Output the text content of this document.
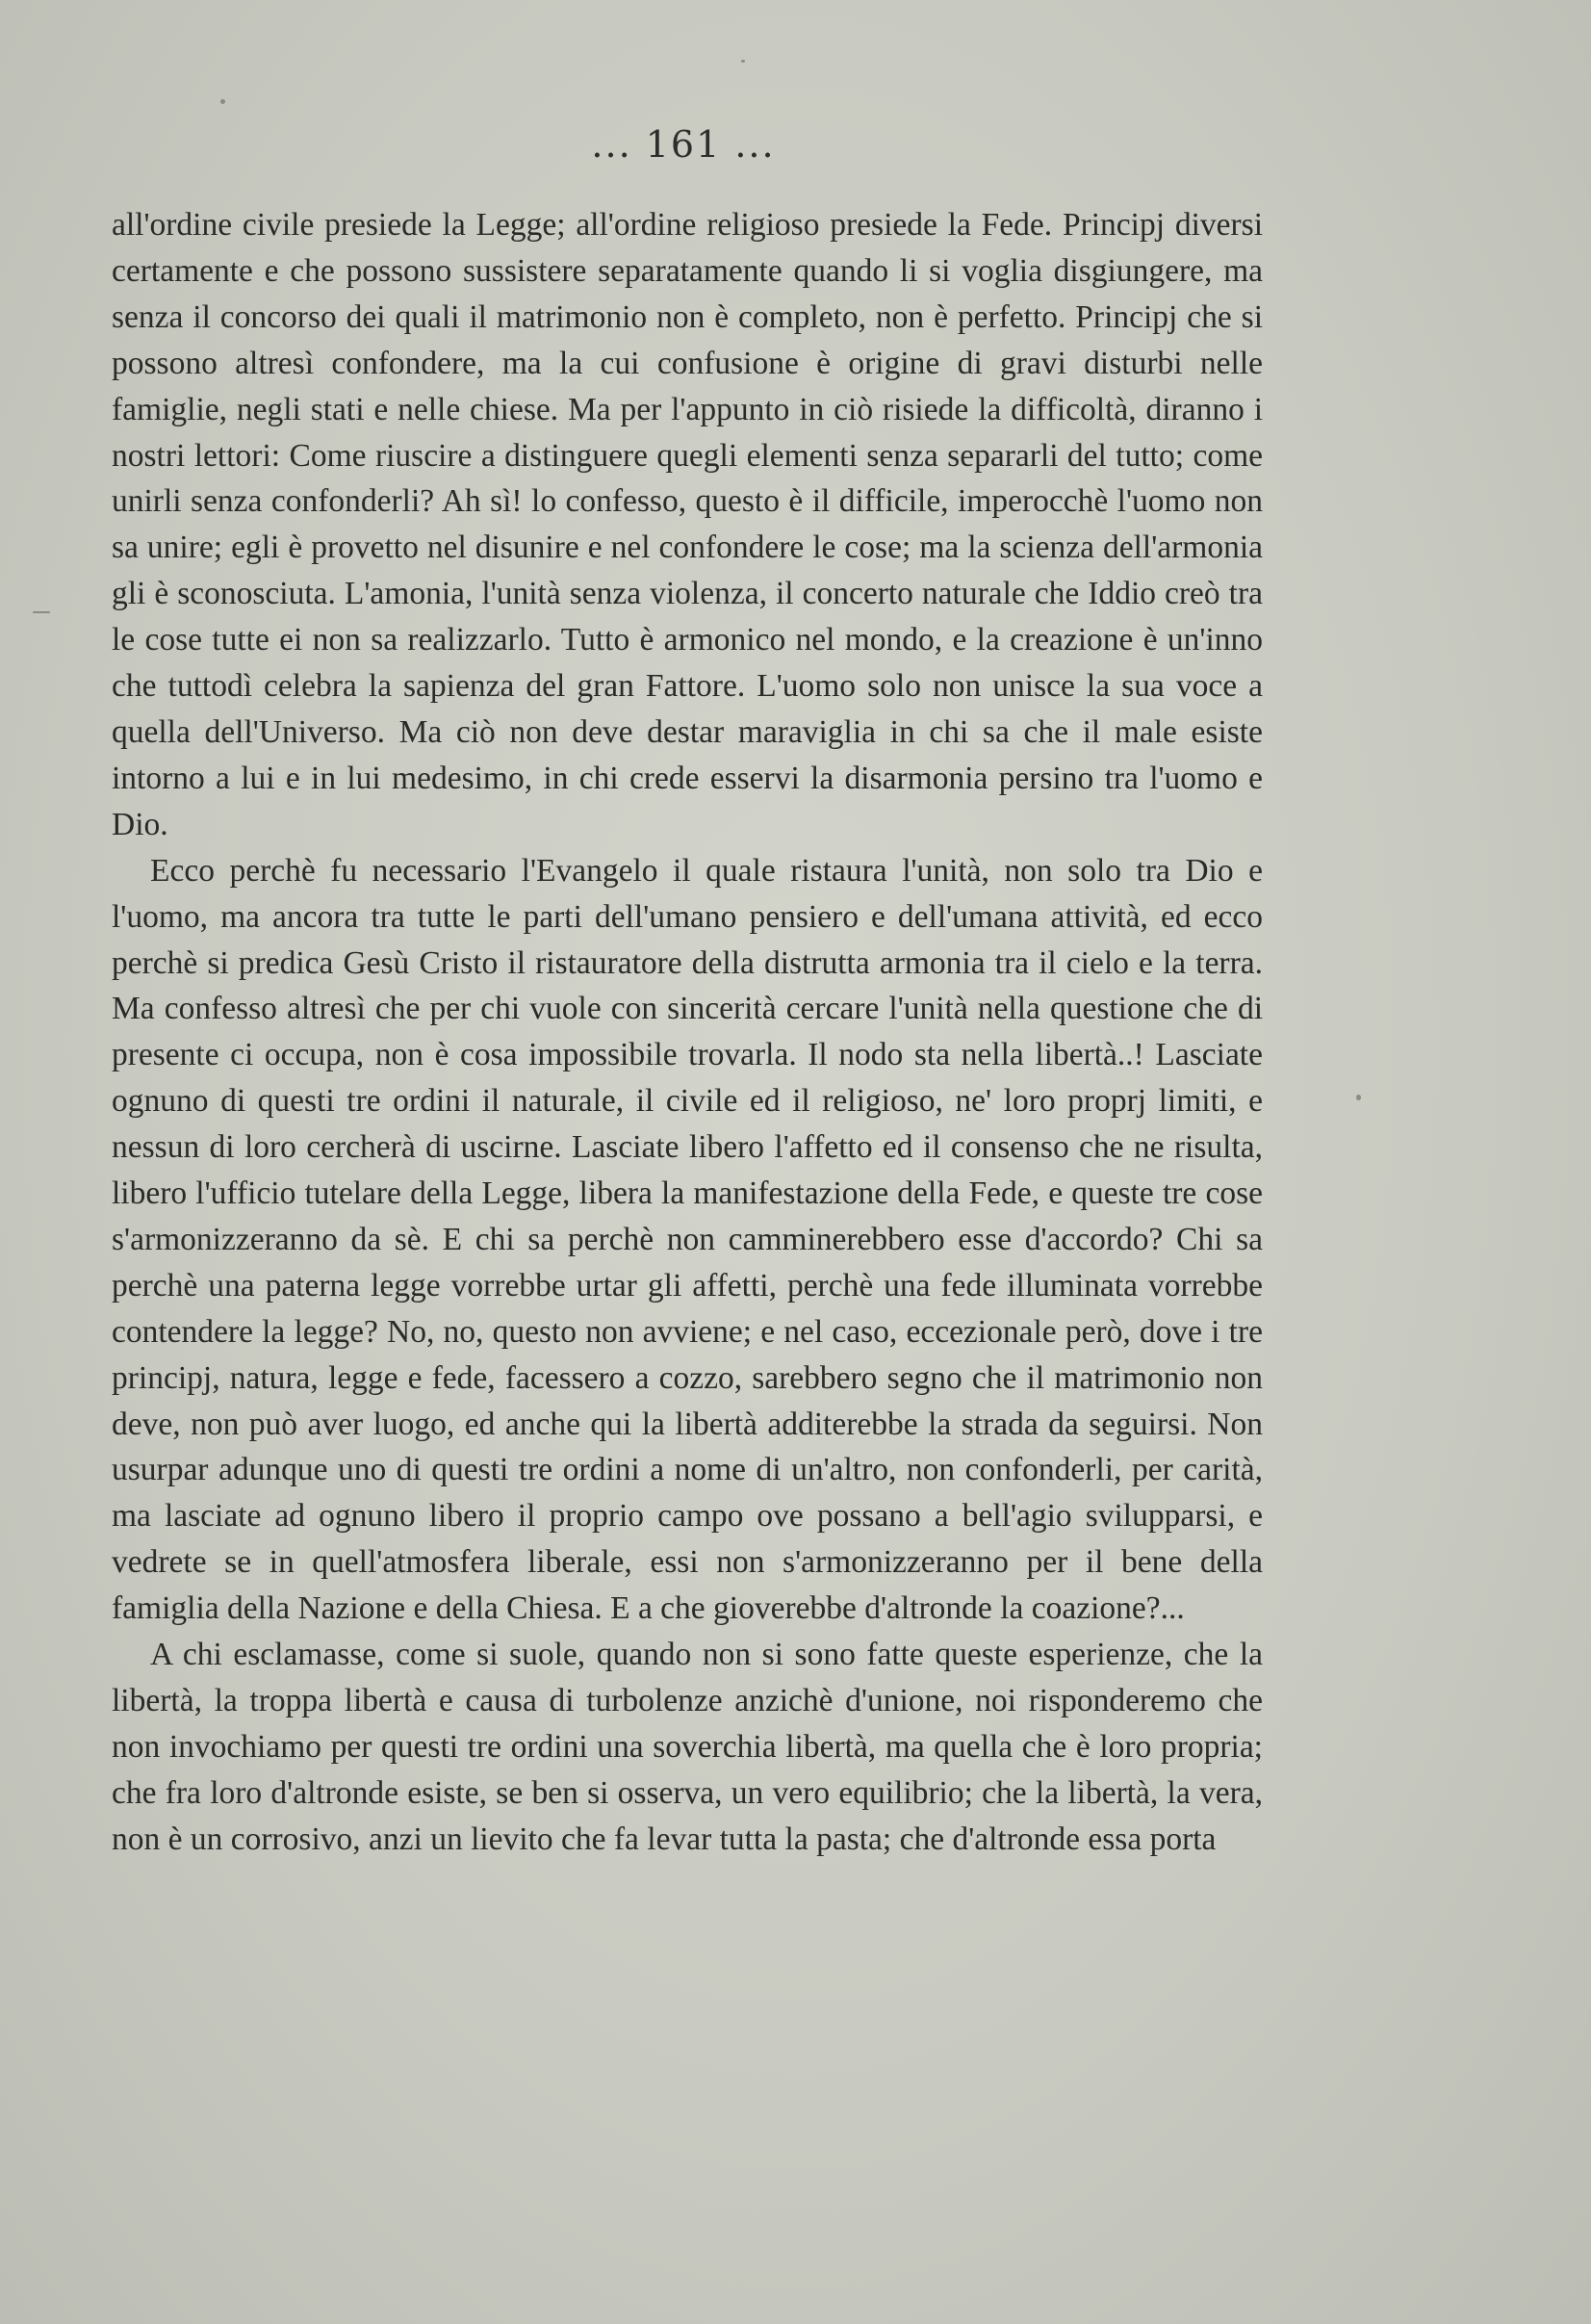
... 161 ...

all'ordine civile presiede la Legge; all'ordine religioso presiede la Fede. Principj diversi certamente e che possono sussistere separatamente quando li si voglia disgiungere, ma senza il concorso dei quali il matrimonio non è completo, non è perfetto. Principj che si possono altresì confondere, ma la cui confusione è origine di gravi disturbi nelle famiglie, negli stati e nelle chiese. Ma per l'appunto in ciò risiede la difficoltà, diranno i nostri lettori: Come riuscire a distinguere quegli elementi senza separarli del tutto; come unirli senza confonderli? Ah sì! lo confesso, questo è il difficile, imperocchè l'uomo non sa unire; egli è provetto nel disunire e nel confondere le cose; ma la scienza dell'armonia gli è sconosciuta. L'amonia, l'unità senza violenza, il concerto naturale che Iddio creò tra le cose tutte ei non sa realizzarlo. Tutto è armonico nel mondo, e la creazione è un'inno che tuttodì celebra la sapienza del gran Fattore. L'uomo solo non unisce la sua voce a quella dell'Universo. Ma ciò non deve destar maraviglia in chi sa che il male esiste intorno a lui e in lui medesimo, in chi crede esservi la disarmonia persino tra l'uomo e Dio.

Ecco perchè fu necessario l'Evangelo il quale ristaura l'unità, non solo tra Dio e l'uomo, ma ancora tra tutte le parti dell'umano pensiero e dell'umana attività, ed ecco perchè si predica Gesù Cristo il ristauratore della distrutta armonia tra il cielo e la terra. Ma confesso altresì che per chi vuole con sincerità cercare l'unità nella questione che di presente ci occupa, non è cosa impossibile trovarla. Il nodo sta nella libertà..! Lasciate ognuno di questi tre ordini il naturale, il civile ed il religioso, ne' loro proprj limiti, e nessun di loro cercherà di uscirne. Lasciate libero l'affetto ed il consenso che ne risulta, libero l'ufficio tutelare della Legge, libera la manifestazione della Fede, e queste tre cose s'armonizzeranno da sè. E chi sa perchè non camminerebbero esse d'accordo? Chi sa perchè una paterna legge vorrebbe urtar gli affetti, perchè una fede illuminata vorrebbe contendere la legge? No, no, questo non avviene; e nel caso, eccezionale però, dove i tre principj, natura, legge e fede, facessero a cozzo, sarebbero segno che il matrimonio non deve, non può aver luogo, ed anche qui la libertà additerebbe la strada da seguirsi. Non usurpar adunque uno di questi tre ordini a nome di un'altro, non confonderli, per carità, ma lasciate ad ognuno libero il proprio campo ove possano a bell'agio svilupparsi, e vedrete se in quell'atmosfera liberale, essi non s'armonizzeranno per il bene della famiglia della Nazione e della Chiesa. E a che gioverebbe d'altronde la coazione?...

A chi esclamasse, come si suole, quando non si sono fatte queste esperienze, che la libertà, la troppa libertà e causa di turbolenze anzichè d'unione, noi risponderemo che non invochiamo per questi tre ordini una soverchia libertà, ma quella che è loro propria; che fra loro d'altronde esiste, se ben si osserva, un vero equilibrio; che la libertà, la vera, non è un corrosivo, anzi un lievito che fa levar tutta la pasta; che d'altronde essa porta
